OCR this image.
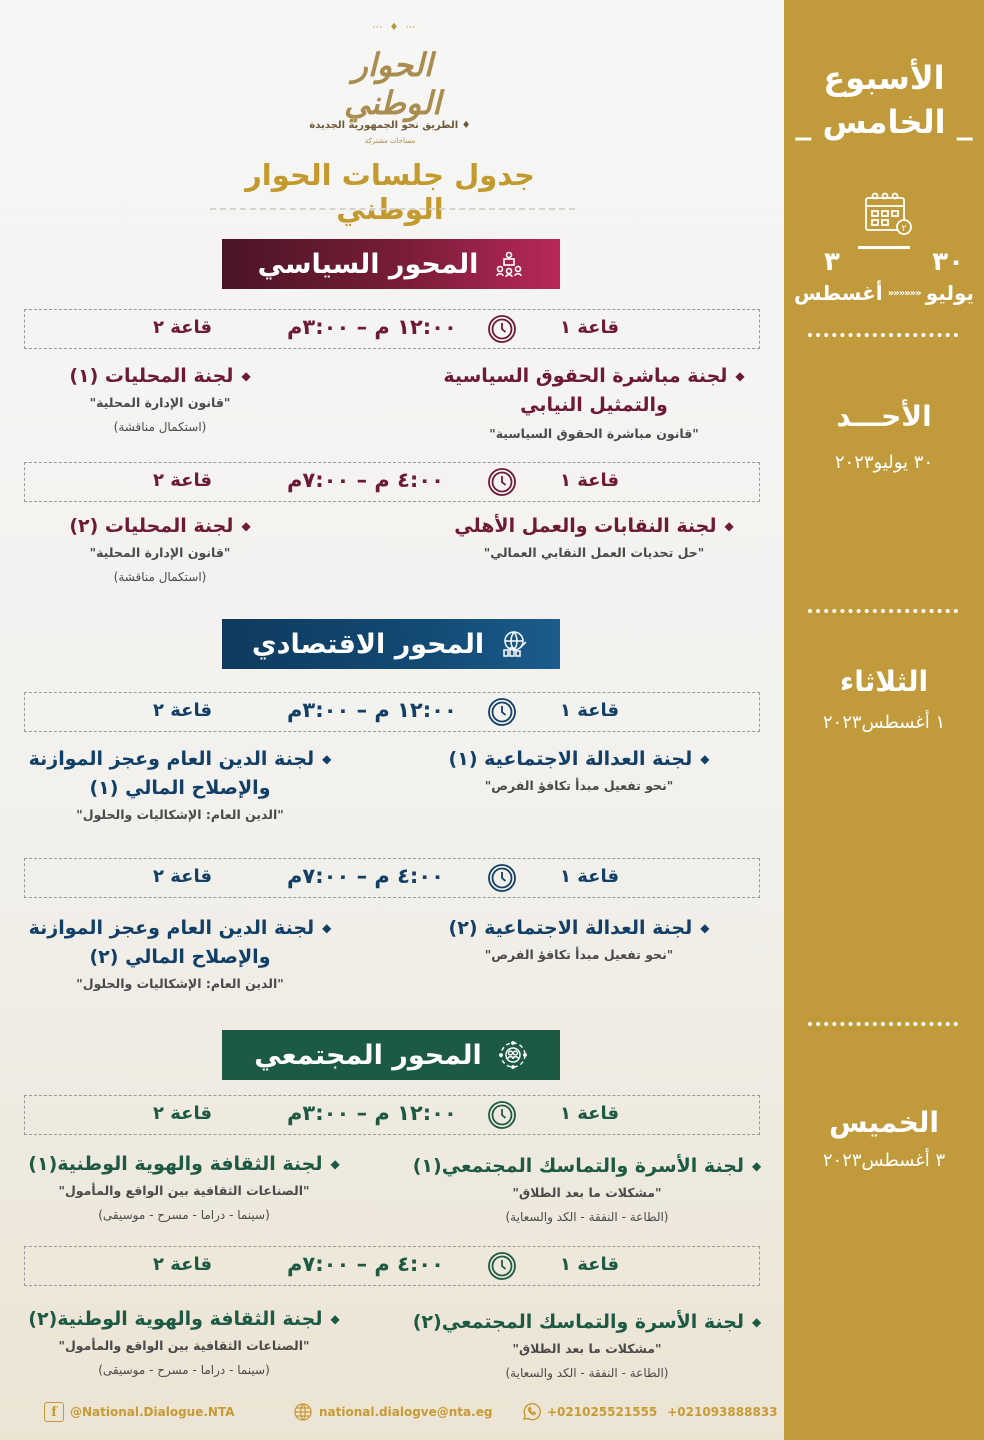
⋯ ♦ ⋯
الحوار الوطني
♦ الطريق نحو الجمهورية الجديدة
مساحات مشتركة
جدول جلسات الحوار الوطني
المحور السياسي
قاعة ١
١٢:٠٠ م – ٣:٠٠م
قاعة ٢
◆لجنة مباشرة الحقوق السياسية
والتمثيل النيابي
"قانون مباشرة الحقوق السياسية"
◆لجنة المحليات (١)
"قانون الإدارة المحلية"
(استكمال مناقشة)
قاعة ١
٤:٠٠ م – ٧:٠٠م
قاعة ٢
◆لجنة النقابات والعمل الأهلي
"حل تحديات العمل النقابي العمالي"
◆لجنة المحليات (٢)
"قانون الإدارة المحلية"
(استكمال مناقشة)
المحور الاقتصادي
قاعة ١
١٢:٠٠ م – ٣:٠٠م
قاعة ٢
◆لجنة العدالة الاجتماعية (١)
"نحو تفعيل مبدأ تكافؤ الفرص"
◆لجنة الدين العام وعجز الموازنة
والإصلاح المالي (١)
"الدين العام: الإشكاليات والحلول"
قاعة ١
٤:٠٠ م – ٧:٠٠م
قاعة ٢
◆لجنة العدالة الاجتماعية (٢)
"نحو تفعيل مبدأ تكافؤ الفرص"
◆لجنة الدين العام وعجز الموازنة
والإصلاح المالي (٢)
"الدين العام: الإشكاليات والحلول"
المحور المجتمعي
قاعة ١
١٢:٠٠ م – ٣:٠٠م
قاعة ٢
◆لجنة الأسرة والتماسك المجتمعي(١)
"مشكلات ما بعد الطلاق"
(الطاعة - النفقة - الكد والسعاية)
◆لجنة الثقافة والهوية الوطنية(١)
"الصناعات الثقافية بين الواقع والمأمول"
(سينما - دراما - مسرح - موسيقى)
قاعة ١
٤:٠٠ م – ٧:٠٠م
قاعة ٢
◆لجنة الأسرة والتماسك المجتمعي(٢)
"مشكلات ما بعد الطلاق"
(الطاعة - النفقة - الكد والسعاية)
◆لجنة الثقافة والهوية الوطنية(٢)
"الصناعات الثقافية بين الواقع والمأمول"
(سينما - دراما - مسرح - موسيقى)
f	@National.Dialogue.NTA	national.dialogve@nta.eg	+021025521555 +021093888833
الأسبوع
_ الخامس _
٢
٣	٣٠
يوليو
««««««
أغسطس
الأحـــد
٣٠ يوليو٢٠٢٣
الثلاثاء
١ أغسطس٢٠٢٣
الخميس
٣ أغسطس٢٠٢٣
